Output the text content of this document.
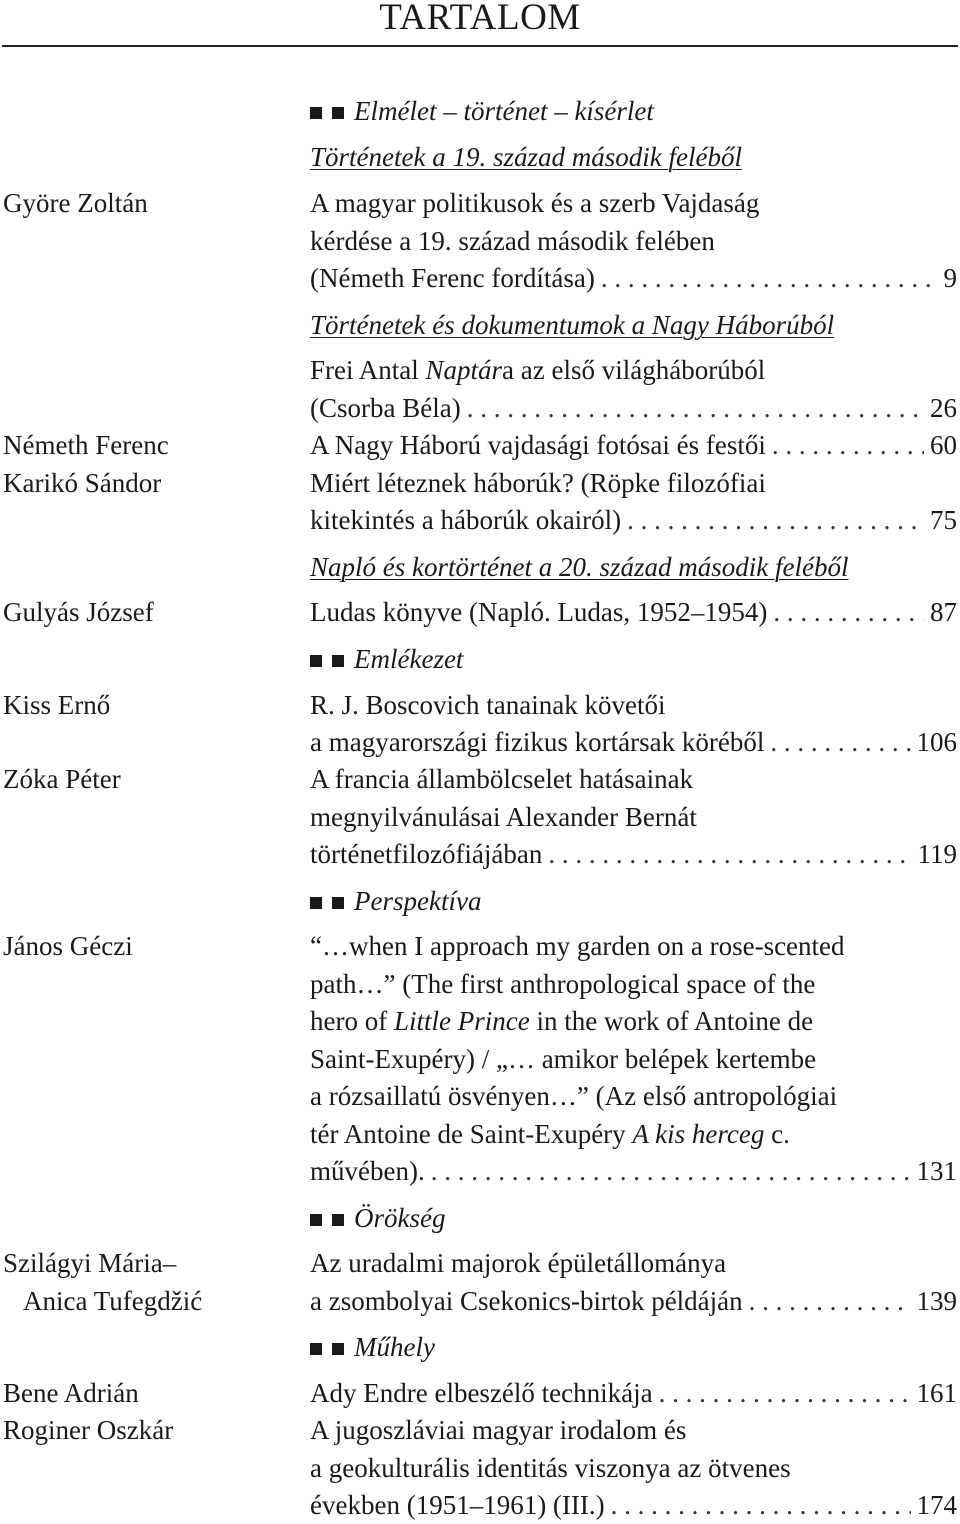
TARTALOM
Elmélet – történet – kísérlet
Történetek a 19. század második feléből
Györe Zoltán	A magyar politikusok és a szerb Vajdaság
kérdése a 19. század második felében
(Németh Ferenc fordítása) . . .	9
Történetek és dokumentumok a Nagy Háborúból
Frei Antal Naptára az első világháborúból
(Csorba Béla) . . .	26
Németh Ferenc	A Nagy Háború vajdasági fotósai és festői . . .	60
Karikó Sándor	Miért léteznek háborúk? (Röpke filozófiai
kitekintés a háborúk okairól) . . .	75
Napló és kortörténet a 20. század második feléből
Gulyás József	Ludas könyve (Napló. Ludas, 1952–1954) . . .	87
Emlékezet
Kiss Ernő	R. J. Boscovich tanainak követői
a magyarországi fizikus kortársak köréből . . .	106
Zóka Péter	A francia állambölcselet hatásainak
megnyilvánulásai Alexander Bernát
történetfilozófiájában . . .	119
Perspektíva
János Géczi	“…when I approach my garden on a rose-scented
path…” (The first anthropological space of the
hero of Little Prince in the work of Antoine de
Saint-Exupéry) / „… amikor belépek kertembe
a rózsaillatú ösvényen…” (Az első antropológiai
tér Antoine de Saint-Exupéry A kis herceg c.
művében). . . .	131
Örökség
Szilágyi Mária–
Anica Tufegdžić
Az uradalmi majorok épületállománya
a zsombolyai Csekonics-birtok példáján . . .	139
Műhely
Bene Adrián	Ady Endre elbeszélő technikája . . .	161
Roginer Oszkár	A jugoszláviai magyar irodalom és
a geokulturális identitás viszonya az ötvenes
években (1951–1961) (III.) . . .	174
